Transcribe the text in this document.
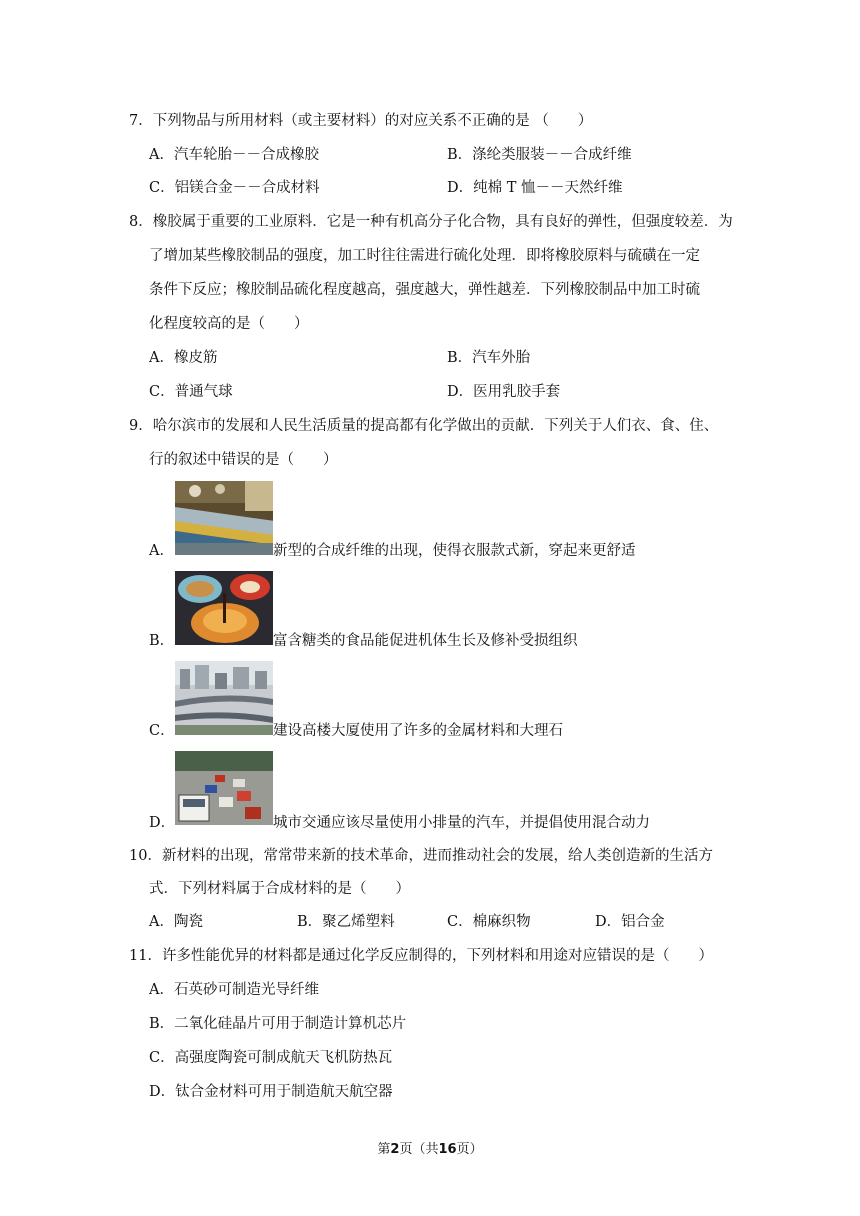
7．下列物品与所用材料（或主要材料）的对应关系不正确的是 （　　）
A．汽车轮胎－－合成橡胶	B．涤纶类服装－－合成纤维
C．铝镁合金－－合成材料	D．纯棉 T 恤－－天然纤维
8．橡胶属于重要的工业原料．它是一种有机高分子化合物，具有良好的弹性，但强度较差．为
了增加某些橡胶制品的强度，加工时往往需进行硫化处理．即将橡胶原料与硫磺在一定
条件下反应；橡胶制品硫化程度越高，强度越大，弹性越差．下列橡胶制品中加工时硫
化程度较高的是（　　）
A．橡皮筋	B．汽车外胎
C．普通气球	D．医用乳胶手套
9．哈尔滨市的发展和人民生活质量的提高都有化学做出的贡献．下列关于人们衣、食、住、
行的叙述中错误的是（　　）
A．	新型的合成纤维的出现，使得衣服款式新，穿起来更舒适
B．	富含糖类的食品能促进机体生长及修补受损组织
C．	建设高楼大厦使用了许多的金属材料和大理石
D．	城市交通应该尽量使用小排量的汽车，并提倡使用混合动力
10．新材料的出现，常常带来新的技术革命，进而推动社会的发展，给人类创造新的生活方
式．下列材料属于合成材料的是（　　）
A．陶瓷	B．聚乙烯塑料	C．棉麻织物	D．铝合金
11．许多性能优异的材料都是通过化学反应制得的，下列材料和用途对应错误的是（　　）
A．石英砂可制造光导纤维
B．二氧化硅晶片可用于制造计算机芯片
C．高强度陶瓷可制成航天飞机防热瓦
D．钛合金材料可用于制造航天航空器
第2页（共16页）
